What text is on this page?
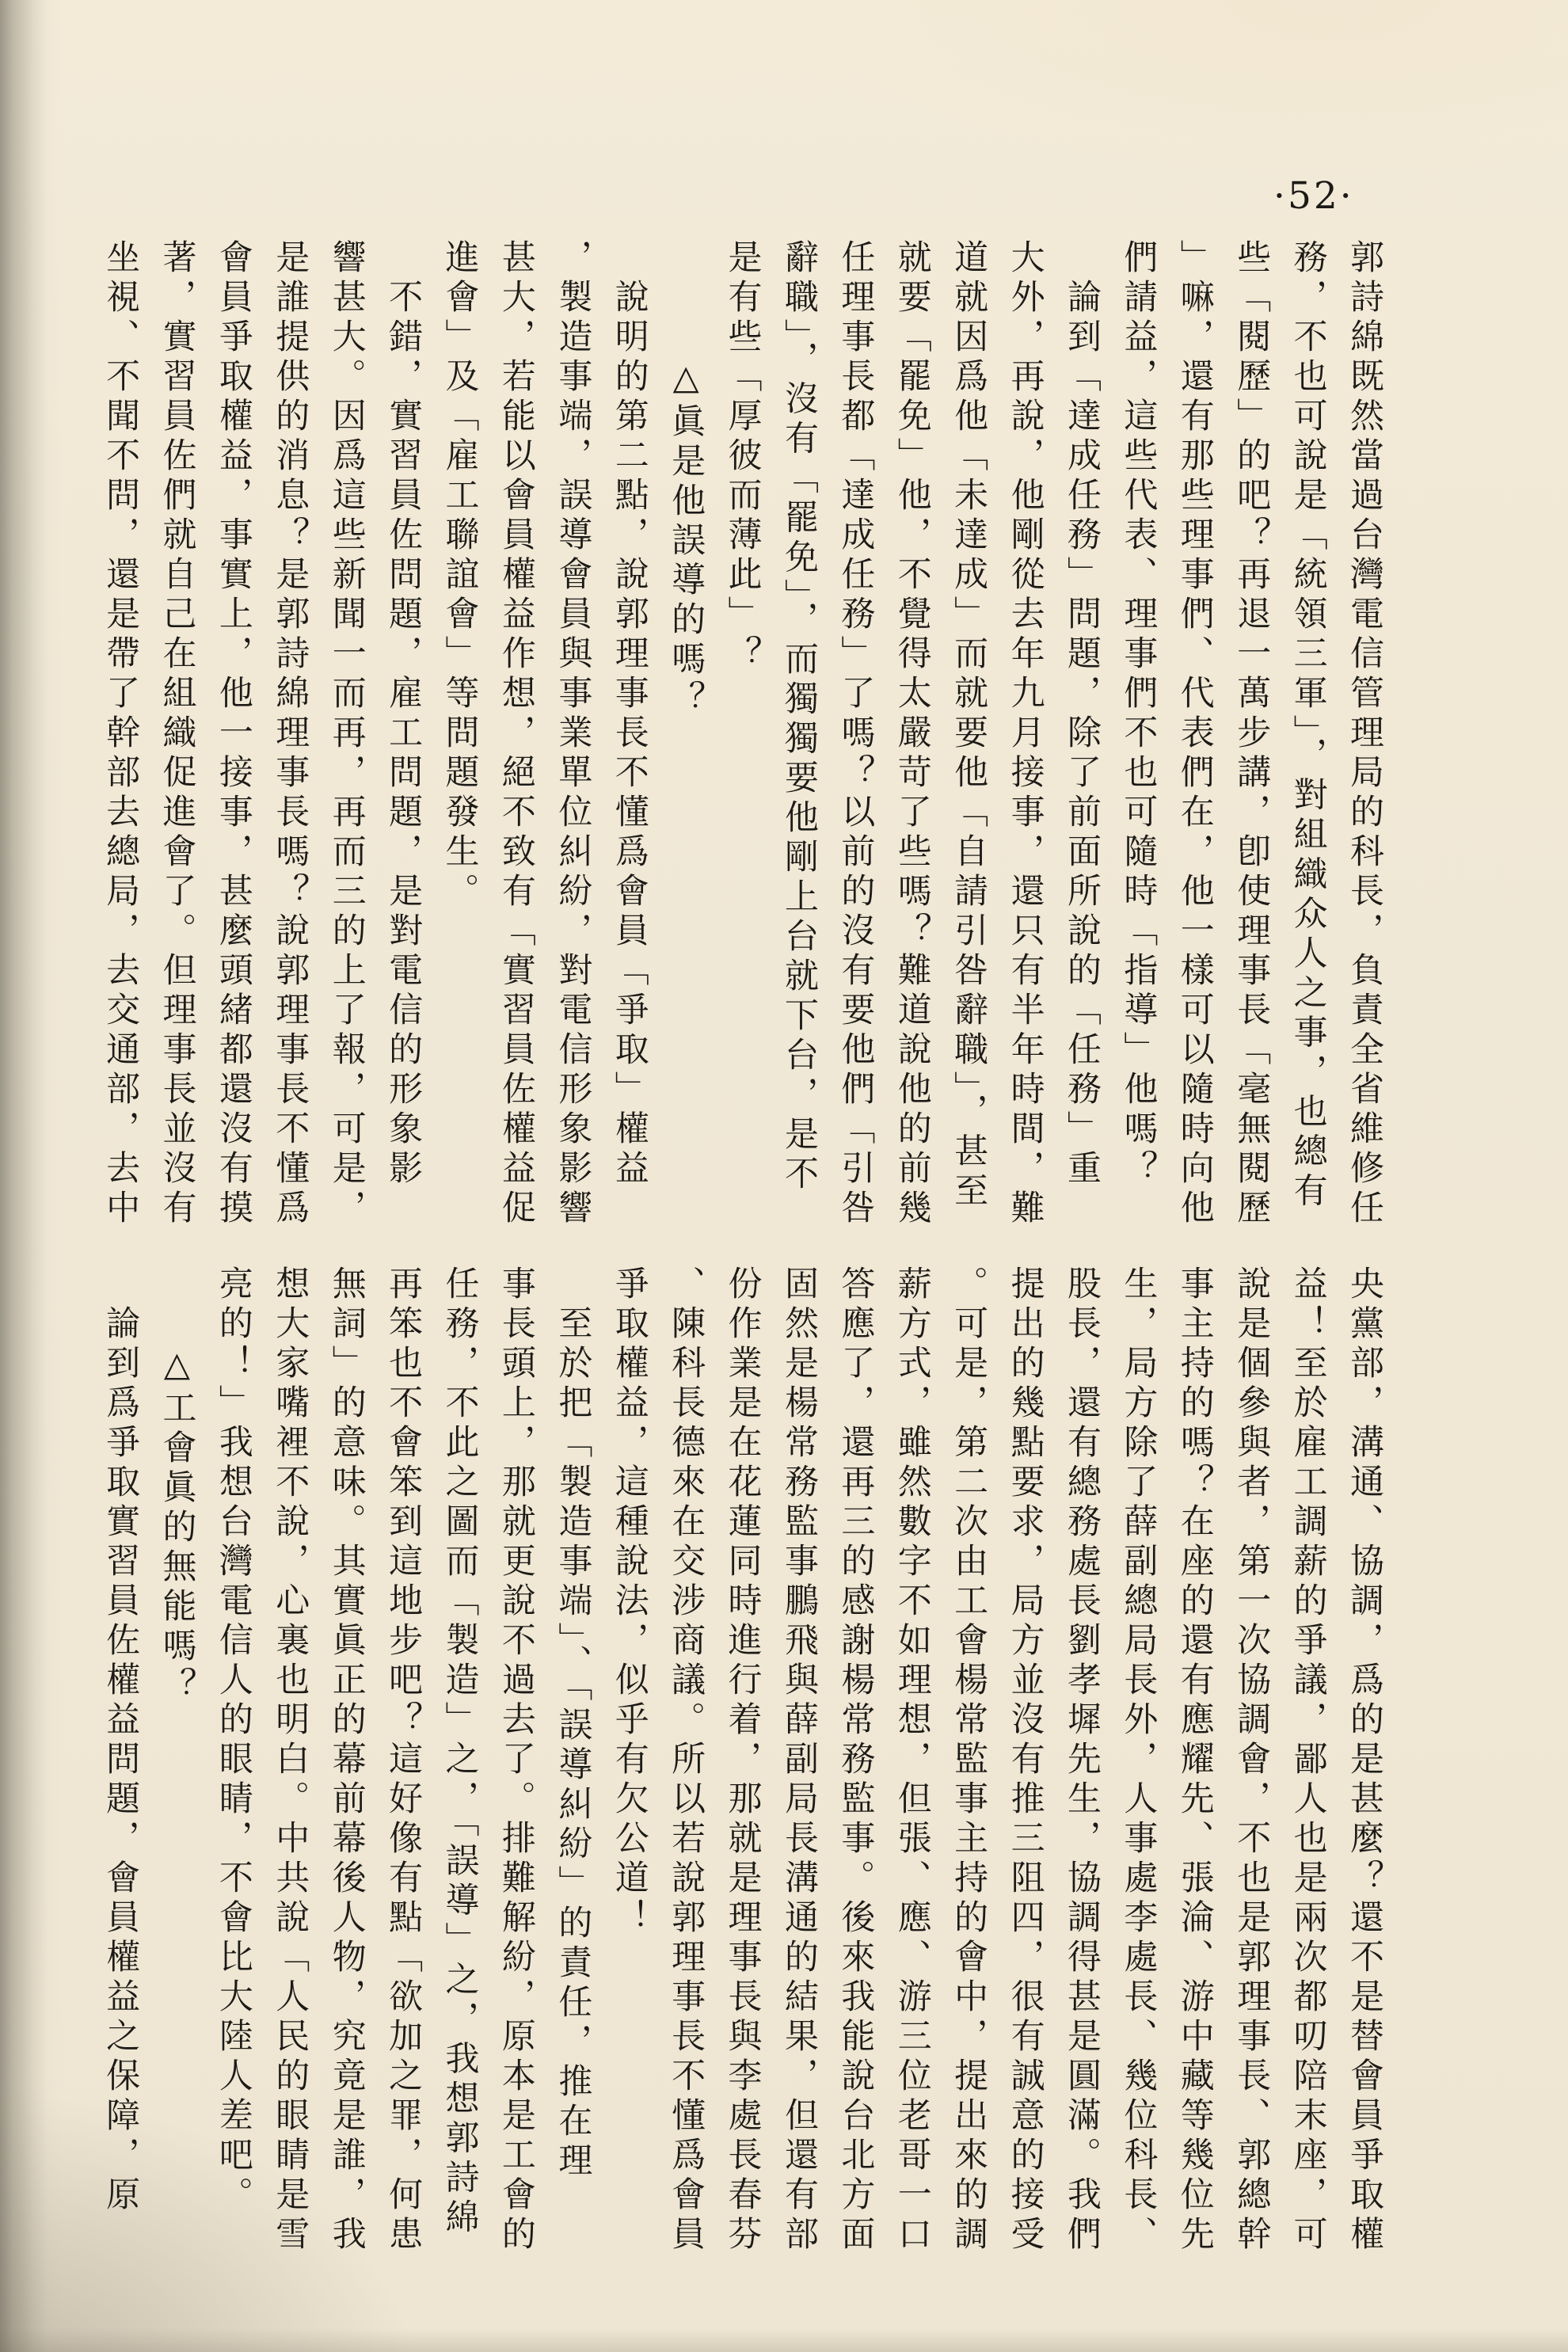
·52·
郭詩綿既然當過台灣電信管理局的科長，負責全省維修任
務，不也可說是「統領三軍」，對組織众人之事，也總有
些「閱歷」的吧？再退一萬步講，卽使理事長「毫無閱歷
」嘛，還有那些理事們、代表們在，他一樣可以隨時向他
們請益，這些代表、理事們不也可隨時「指導」他嗎？
　論到「達成任務」問題，除了前面所說的「任務」重
大外，再說，他剛從去年九月接事，還只有半年時間，難
道就因爲他「未達成」而就要他「自請引咎辭職」，甚至
就要「罷免」他，不覺得太嚴苛了些嗎？難道說他的前幾
任理事長都「達成任務」了嗎？以前的沒有要他們「引咎
辭職」，沒有「罷免」，而獨獨要他剛上台就下台，是不
是有些「厚彼而薄此」？
　　　△眞是他誤導的嗎？
　說明的第二點，說郭理事長不懂爲會員「爭取」權益
，製造事端，誤導會員與事業單位糾紛，對電信形象影響
甚大，若能以會員權益作想，絕不致有「實習員佐權益促
進會」及「雇工聯誼會」等問題發生。
　不錯，實習員佐問題，雇工問題，是對電信的形象影
響甚大。因爲這些新聞一而再，再而三的上了報，可是，
是誰提供的消息？是郭詩綿理事長嗎？說郭理事長不懂爲
會員爭取權益，事實上，他一接事，甚麼頭緒都還沒有摸
著，實習員佐們就自己在組織促進會了。但理事長並沒有
坐視、不聞不問，還是帶了幹部去總局，去交通部，去中
央黨部，溝通、協調，爲的是甚麼？還不是替會員爭取權
益！至於雇工調薪的爭議，鄙人也是兩次都叨陪末座，可
說是個參與者，第一次協調會，不也是郭理事長、郭總幹
事主持的嗎？在座的還有應耀先、張淪、游中藏等幾位先
生，局方除了薛副總局長外，人事處李處長、幾位科長、
股長，還有總務處長劉孝墀先生，協調得甚是圓滿。我們
提出的幾點要求，局方並沒有推三阻四，很有誠意的接受
。可是，第二次由工會楊常監事主持的會中，提出來的調
薪方式，雖然數字不如理想，但張、應、游三位老哥一口
答應了，還再三的感謝楊常務監事。後來我能說台北方面
固然是楊常務監事鵬飛與薛副局長溝通的結果，但還有部
份作業是在花蓮同時進行着，那就是理事長與李處長春芬
、陳科長德來在交涉商議。所以若說郭理事長不懂爲會員
爭取權益，這種說法，似乎有欠公道！
　至於把「製造事端」、「誤導糾紛」的責任，推在理
事長頭上，那就更說不過去了。排難解紛，原本是工會的
任務，不此之圖而「製造」之，「誤導」之，我想郭詩綿
再笨也不會笨到這地步吧？這好像有點「欲加之罪，何患
無詞」的意味。其實眞正的幕前幕後人物，究竟是誰，我
想大家嘴裡不說，心裏也明白。中共說「人民的眼睛是雪
亮的！」我想台灣電信人的眼睛，不會比大陸人差吧。
　　△工會眞的無能嗎？
　論到爲爭取實習員佐權益問題，會員權益之保障，原
